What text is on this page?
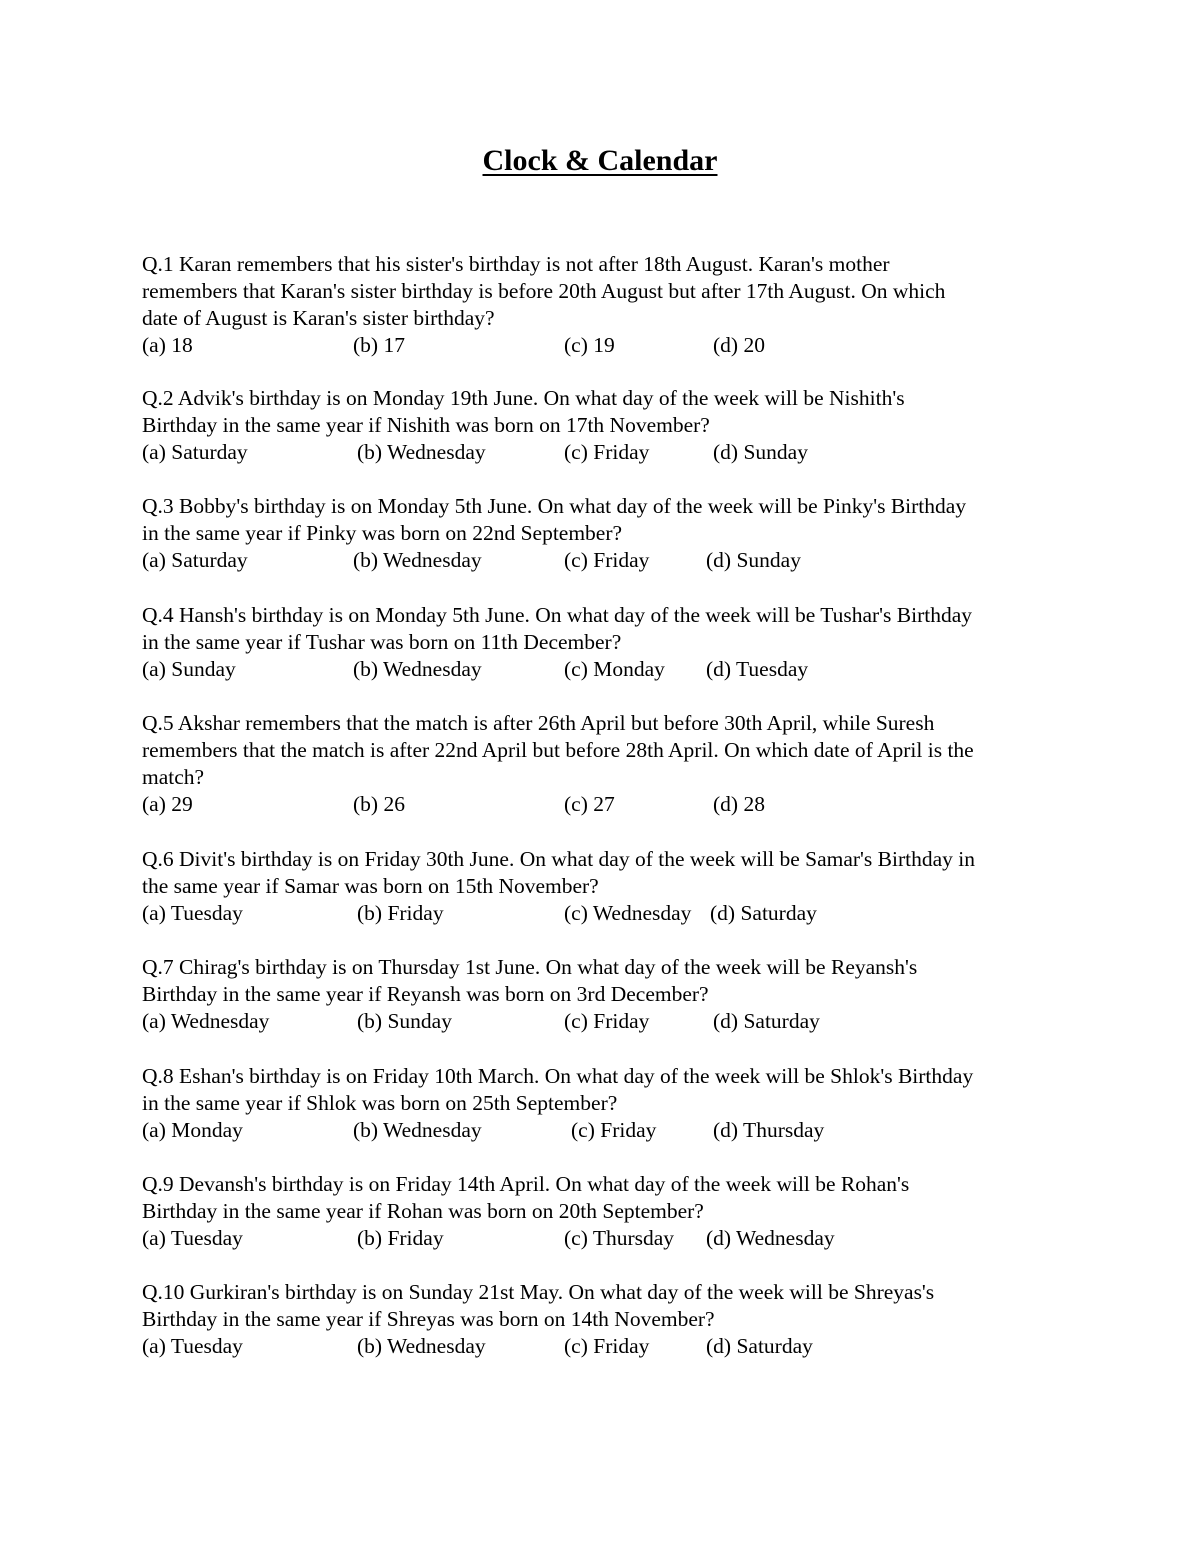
Clock & Calendar

Q.1 Karan remembers that his sister's birthday is not after 18th August. Karan's mother
remembers that Karan's sister birthday is before 20th August but after 17th August. On which
date of August is Karan's sister birthday?

(a) 18	(b) 17	(c) 19	(d) 20

Q.2 Advik's birthday is on Monday 19th June. On what day of the week will be Nishith's
Birthday in the same year if Nishith was born on 17th November?

(a) Saturday	(b) Wednesday	(c) Friday	(d) Sunday

Q.3 Bobby's birthday is on Monday 5th June. On what day of the week will be Pinky's Birthday
in the same year if Pinky was born on 22nd September?

(a) Saturday	(b) Wednesday	(c) Friday	(d) Sunday

Q.4 Hansh's birthday is on Monday 5th June. On what day of the week will be Tushar's Birthday
in the same year if Tushar was born on 11th December?

(a) Sunday	(b) Wednesday	(c) Monday (d) Tuesday

Q.5 Akshar remembers that the match is after 26th April but before 30th April, while Suresh
remembers that the match is after 22nd April but before 28th April. On which date of April is the
match?

(a) 29	(b) 26	(c) 27	(d) 28

Q.6 Divit's birthday is on Friday 30th June. On what day of the week will be Samar's Birthday in
the same year if Samar was born on 15th November?

(a) Tuesday	(b) Friday	(c) Wednesday (d) Saturday

Q.7 Chirag's birthday is on Thursday 1st June. On what day of the week will be Reyansh's
Birthday in the same year if Reyansh was born on 3rd December?

(a) Wednesday	(b) Sunday	(c) Friday	(d) Saturday

Q.8 Eshan's birthday is on Friday 10th March. On what day of the week will be Shlok's Birthday
in the same year if Shlok was born on 25th September?

(a) Monday	(b) Wednesday	(c) Friday	(d) Thursday

Q.9 Devansh's birthday is on Friday 14th April. On what day of the week will be Rohan's
Birthday in the same year if Rohan was born on 20th September?

(a) Tuesday	(b) Friday	(c) Thursday (d) Wednesday

Q.10 Gurkiran's birthday is on Sunday 21st May. On what day of the week will be Shreyas's
Birthday in the same year if Shreyas was born on 14th November?

(a) Tuesday	(b) Wednesday	(c) Friday	(d) Saturday
